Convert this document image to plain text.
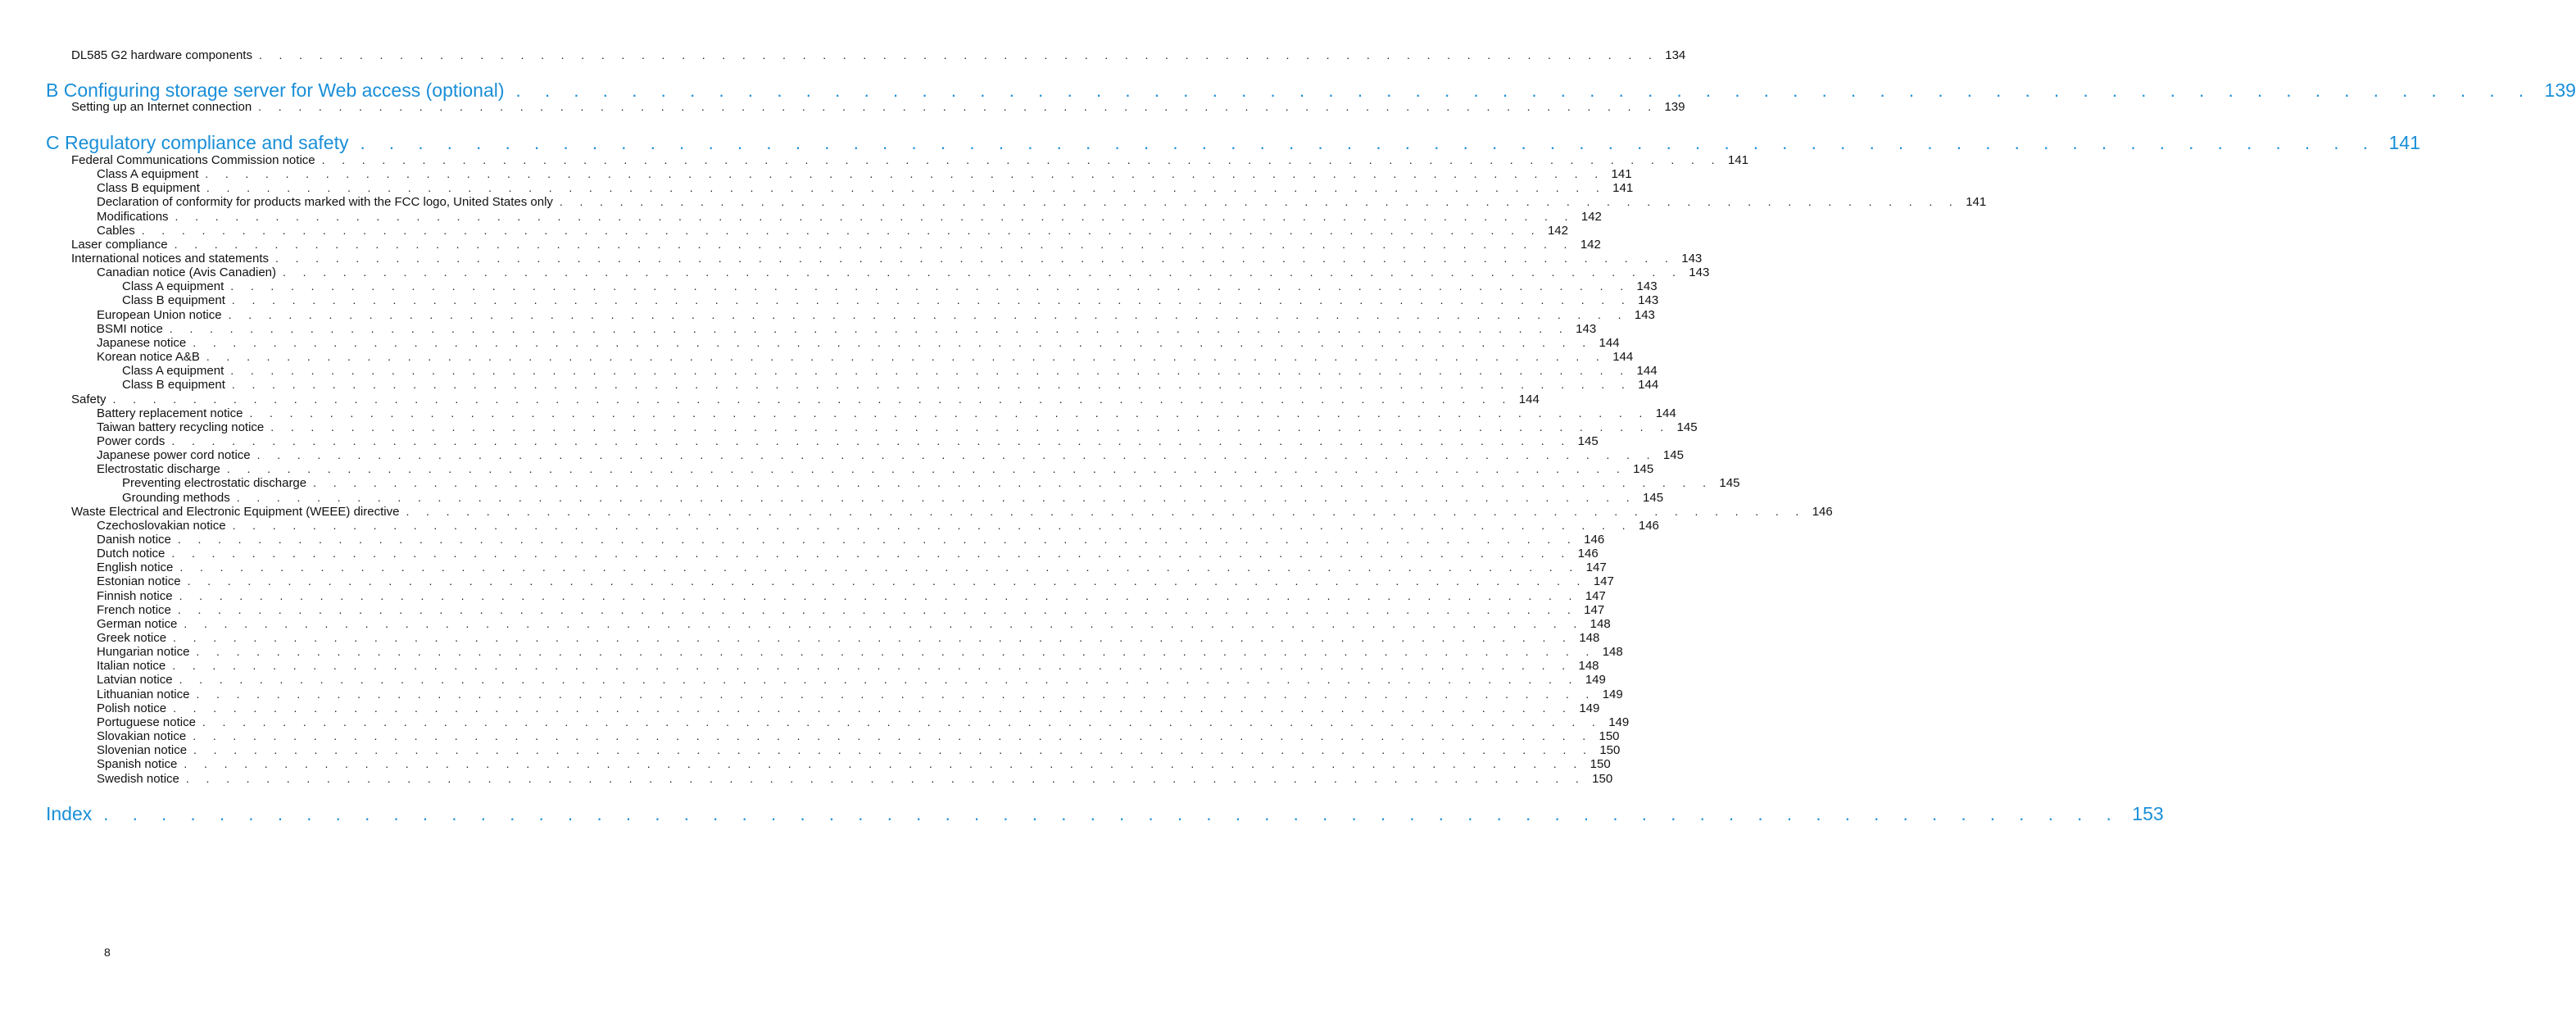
DL585 G2 hardware components . . . . . . . . . . . . . . . . . . . . . . . . . . . . . . . . . . . . . . . . . . . . . . . . . . . . . . . . . . . . . . . . . . . . . . 134
B Configuring storage server for Web access (optional) . . . . . . . . . . . . . . . . . . . . . . . . . . . . . . . . . . . . . . . . . . . . . . . . . . . . . . . . . . . . . . . . . . . . . . 139
Setting up an Internet connection . . . . . . . . . . . . . . . . . . . . . . . . . . . . . . . . . . . . . . . . . . . . . . . . . . . . . . . . . . . . . . . . . . . . . . 139
C Regulatory compliance and safety . . . . . . . . . . . . . . . . . . . . . . . . . . . . . . . . . . . . . . . . . . . . . . . . . . . . . . . . . . . . . . . . . . . . . . 141
Federal Communications Commission notice . . . . . . . . . . . . . . . . . . . . . . . . . . . . . . . . . . . . . . . . . . . . . . . . . . . . . . . . . . . . . . . . . . . . . . 141
Class A equipment . . . . . . . . . . . . . . . . . . . . . . . . . . . . . . . . . . . . . . . . . . . . . . . . . . . . . . . . . . . . . . . . . . . . . . 141
Class B equipment . . . . . . . . . . . . . . . . . . . . . . . . . . . . . . . . . . . . . . . . . . . . . . . . . . . . . . . . . . . . . . . . . . . . . . 141
Declaration of conformity for products marked with the FCC logo, United States only . . . . . . . . . . . . . . . . . . . . . . . . . . . . . . . . . . . . . . . . . . . . . . . . . . . . . . . . . . . . . . . . . . . . . . 141
Modifications . . . . . . . . . . . . . . . . . . . . . . . . . . . . . . . . . . . . . . . . . . . . . . . . . . . . . . . . . . . . . . . . . . . . . . 142
Cables . . . . . . . . . . . . . . . . . . . . . . . . . . . . . . . . . . . . . . . . . . . . . . . . . . . . . . . . . . . . . . . . . . . . . . 142
Laser compliance . . . . . . . . . . . . . . . . . . . . . . . . . . . . . . . . . . . . . . . . . . . . . . . . . . . . . . . . . . . . . . . . . . . . . . 142
International notices and statements . . . . . . . . . . . . . . . . . . . . . . . . . . . . . . . . . . . . . . . . . . . . . . . . . . . . . . . . . . . . . . . . . . . . . . 143
Canadian notice (Avis Canadien) . . . . . . . . . . . . . . . . . . . . . . . . . . . . . . . . . . . . . . . . . . . . . . . . . . . . . . . . . . . . . . . . . . . . . . 143
Class A equipment . . . . . . . . . . . . . . . . . . . . . . . . . . . . . . . . . . . . . . . . . . . . . . . . . . . . . . . . . . . . . . . . . . . . . . 143
Class B equipment . . . . . . . . . . . . . . . . . . . . . . . . . . . . . . . . . . . . . . . . . . . . . . . . . . . . . . . . . . . . . . . . . . . . . . 143
European Union notice . . . . . . . . . . . . . . . . . . . . . . . . . . . . . . . . . . . . . . . . . . . . . . . . . . . . . . . . . . . . . . . . . . . . . . 143
BSMI notice . . . . . . . . . . . . . . . . . . . . . . . . . . . . . . . . . . . . . . . . . . . . . . . . . . . . . . . . . . . . . . . . . . . . . . 143
Japanese notice . . . . . . . . . . . . . . . . . . . . . . . . . . . . . . . . . . . . . . . . . . . . . . . . . . . . . . . . . . . . . . . . . . . . . . 144
Korean notice A&B . . . . . . . . . . . . . . . . . . . . . . . . . . . . . . . . . . . . . . . . . . . . . . . . . . . . . . . . . . . . . . . . . . . . . . 144
Class A equipment . . . . . . . . . . . . . . . . . . . . . . . . . . . . . . . . . . . . . . . . . . . . . . . . . . . . . . . . . . . . . . . . . . . . . . 144
Class B equipment . . . . . . . . . . . . . . . . . . . . . . . . . . . . . . . . . . . . . . . . . . . . . . . . . . . . . . . . . . . . . . . . . . . . . . 144
Safety . . . . . . . . . . . . . . . . . . . . . . . . . . . . . . . . . . . . . . . . . . . . . . . . . . . . . . . . . . . . . . . . . . . . . . 144
Battery replacement notice . . . . . . . . . . . . . . . . . . . . . . . . . . . . . . . . . . . . . . . . . . . . . . . . . . . . . . . . . . . . . . . . . . . . . . 144
Taiwan battery recycling notice . . . . . . . . . . . . . . . . . . . . . . . . . . . . . . . . . . . . . . . . . . . . . . . . . . . . . . . . . . . . . . . . . . . . . . 145
Power cords . . . . . . . . . . . . . . . . . . . . . . . . . . . . . . . . . . . . . . . . . . . . . . . . . . . . . . . . . . . . . . . . . . . . . . 145
Japanese power cord notice . . . . . . . . . . . . . . . . . . . . . . . . . . . . . . . . . . . . . . . . . . . . . . . . . . . . . . . . . . . . . . . . . . . . . . 145
Electrostatic discharge . . . . . . . . . . . . . . . . . . . . . . . . . . . . . . . . . . . . . . . . . . . . . . . . . . . . . . . . . . . . . . . . . . . . . . 145
Preventing electrostatic discharge . . . . . . . . . . . . . . . . . . . . . . . . . . . . . . . . . . . . . . . . . . . . . . . . . . . . . . . . . . . . . . . . . . . . . . 145
Grounding methods . . . . . . . . . . . . . . . . . . . . . . . . . . . . . . . . . . . . . . . . . . . . . . . . . . . . . . . . . . . . . . . . . . . . . . 145
Waste Electrical and Electronic Equipment (WEEE) directive . . . . . . . . . . . . . . . . . . . . . . . . . . . . . . . . . . . . . . . . . . . . . . . . . . . . . . . . . . . . . . . . . . . . . . 146
Czechoslovakian notice . . . . . . . . . . . . . . . . . . . . . . . . . . . . . . . . . . . . . . . . . . . . . . . . . . . . . . . . . . . . . . . . . . . . . . 146
Danish notice . . . . . . . . . . . . . . . . . . . . . . . . . . . . . . . . . . . . . . . . . . . . . . . . . . . . . . . . . . . . . . . . . . . . . . 146
Dutch notice . . . . . . . . . . . . . . . . . . . . . . . . . . . . . . . . . . . . . . . . . . . . . . . . . . . . . . . . . . . . . . . . . . . . . . 146
English notice . . . . . . . . . . . . . . . . . . . . . . . . . . . . . . . . . . . . . . . . . . . . . . . . . . . . . . . . . . . . . . . . . . . . . . 147
Estonian notice . . . . . . . . . . . . . . . . . . . . . . . . . . . . . . . . . . . . . . . . . . . . . . . . . . . . . . . . . . . . . . . . . . . . . . 147
Finnish notice . . . . . . . . . . . . . . . . . . . . . . . . . . . . . . . . . . . . . . . . . . . . . . . . . . . . . . . . . . . . . . . . . . . . . . 147
French notice . . . . . . . . . . . . . . . . . . . . . . . . . . . . . . . . . . . . . . . . . . . . . . . . . . . . . . . . . . . . . . . . . . . . . . 147
German notice . . . . . . . . . . . . . . . . . . . . . . . . . . . . . . . . . . . . . . . . . . . . . . . . . . . . . . . . . . . . . . . . . . . . . . 148
Greek notice . . . . . . . . . . . . . . . . . . . . . . . . . . . . . . . . . . . . . . . . . . . . . . . . . . . . . . . . . . . . . . . . . . . . . . 148
Hungarian notice . . . . . . . . . . . . . . . . . . . . . . . . . . . . . . . . . . . . . . . . . . . . . . . . . . . . . . . . . . . . . . . . . . . . . . 148
Italian notice . . . . . . . . . . . . . . . . . . . . . . . . . . . . . . . . . . . . . . . . . . . . . . . . . . . . . . . . . . . . . . . . . . . . . . 148
Latvian notice . . . . . . . . . . . . . . . . . . . . . . . . . . . . . . . . . . . . . . . . . . . . . . . . . . . . . . . . . . . . . . . . . . . . . . 149
Lithuanian notice . . . . . . . . . . . . . . . . . . . . . . . . . . . . . . . . . . . . . . . . . . . . . . . . . . . . . . . . . . . . . . . . . . . . . . 149
Polish notice . . . . . . . . . . . . . . . . . . . . . . . . . . . . . . . . . . . . . . . . . . . . . . . . . . . . . . . . . . . . . . . . . . . . . . 149
Portuguese notice . . . . . . . . . . . . . . . . . . . . . . . . . . . . . . . . . . . . . . . . . . . . . . . . . . . . . . . . . . . . . . . . . . . . . . 149
Slovakian notice . . . . . . . . . . . . . . . . . . . . . . . . . . . . . . . . . . . . . . . . . . . . . . . . . . . . . . . . . . . . . . . . . . . . . . 150
Slovenian notice . . . . . . . . . . . . . . . . . . . . . . . . . . . . . . . . . . . . . . . . . . . . . . . . . . . . . . . . . . . . . . . . . . . . . . 150
Spanish notice . . . . . . . . . . . . . . . . . . . . . . . . . . . . . . . . . . . . . . . . . . . . . . . . . . . . . . . . . . . . . . . . . . . . . . 150
Swedish notice . . . . . . . . . . . . . . . . . . . . . . . . . . . . . . . . . . . . . . . . . . . . . . . . . . . . . . . . . . . . . . . . . . . . . . 150
Index . . . . . . . . . . . . . . . . . . . . . . . . . . . . . . . . . . . . . . . . . . . . . . . . . . . . . . . . . . . . . . . . . . . . . . 153
8
